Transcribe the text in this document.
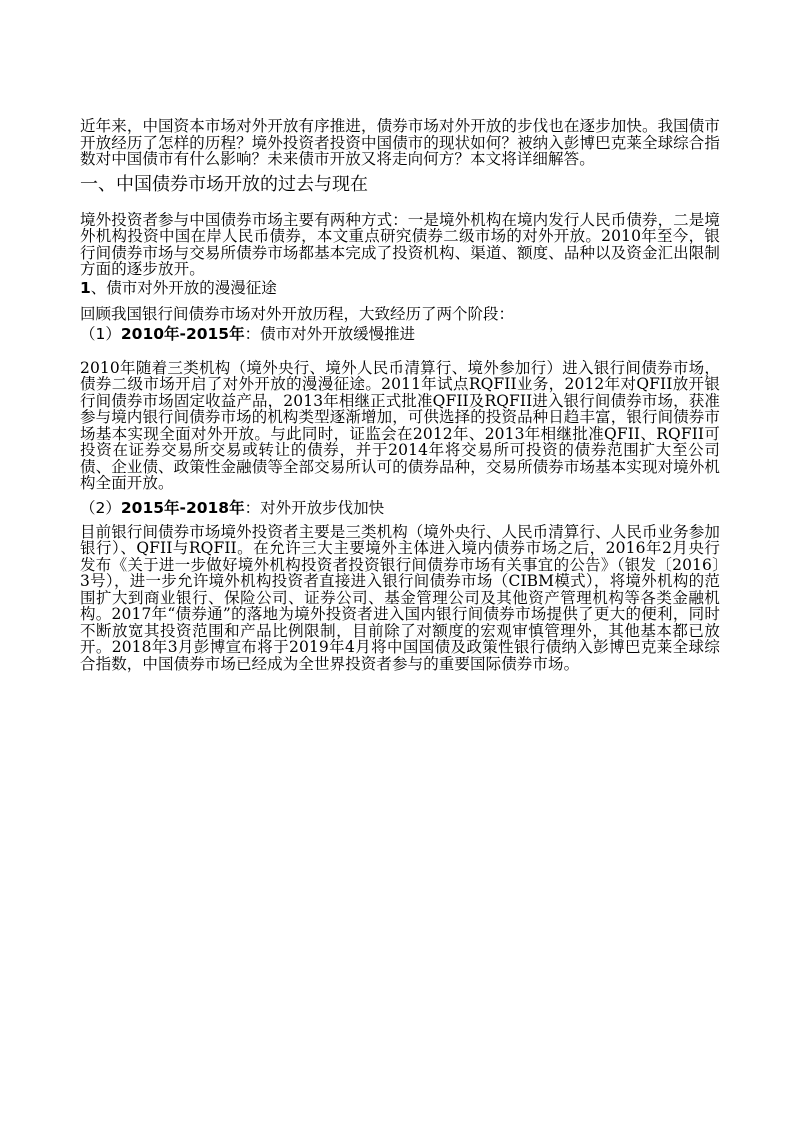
近年来，中国资本市场对外开放有序推进，债券市场对外开放的步伐也在逐步加快。我国债市开放经历了怎样的历程？境外投资者投资中国债市的现状如何？被纳入彭博巴克莱全球综合指数对中国债市有什么影响？未来债市开放又将走向何方？本文将详细解答。

一、中国债券市场开放的过去与现在

境外投资者参与中国债券市场主要有两种方式：一是境外机构在境内发行人民币债券，二是境外机构投资中国在岸人民币债券，本文重点研究债券二级市场的对外开放。2010年至今，银行间债券市场与交易所债券市场都基本完成了投资机构、渠道、额度、品种以及资金汇出限制方面的逐步放开。

1、债市对外开放的漫漫征途

回顾我国银行间债券市场对外开放历程，大致经历了两个阶段：

（1）2010年-2015年：债市对外开放缓慢推进

2010年随着三类机构（境外央行、境外人民币清算行、境外参加行）进入银行间债券市场，债券二级市场开启了对外开放的漫漫征途。2011年试点RQFII业务，2012年对QFII放开银行间债券市场固定收益产品，2013年相继正式批准QFII及RQFII进入银行间债券市场，获准参与境内银行间债券市场的机构类型逐渐增加，可供选择的投资品种日趋丰富，银行间债券市场基本实现全面对外开放。与此同时，证监会在2012年、2013年相继批准QFII、RQFII可投资在证券交易所交易或转让的债券，并于2014年将交易所可投资的债券范围扩大至公司债、企业债、政策性金融债等全部交易所认可的债券品种，交易所债券市场基本实现对境外机构全面开放。

（2）2015年-2018年：对外开放步伐加快

目前银行间债券市场境外投资者主要是三类机构（境外央行、人民币清算行、人民币业务参加银行）、QFII与RQFII。在允许三大主要境外主体进入境内债券市场之后，2016年2月央行发布《关于进一步做好境外机构投资者投资银行间债券市场有关事宜的公告》（银发〔2016〕3号），进一步允许境外机构投资者直接进入银行间债券市场（CIBM模式），将境外机构的范围扩大到商业银行、保险公司、证券公司、基金管理公司及其他资产管理机构等各类金融机构。2017年“债券通”的落地为境外投资者进入国内银行间债券市场提供了更大的便利，同时不断放宽其投资范围和产品比例限制，目前除了对额度的宏观审慎管理外，其他基本都已放开。2018年3月彭博宣布将于2019年4月将中国国债及政策性银行债纳入彭博巴克莱全球综合指数，中国债券市场已经成为全世界投资者参与的重要国际债券市场。
